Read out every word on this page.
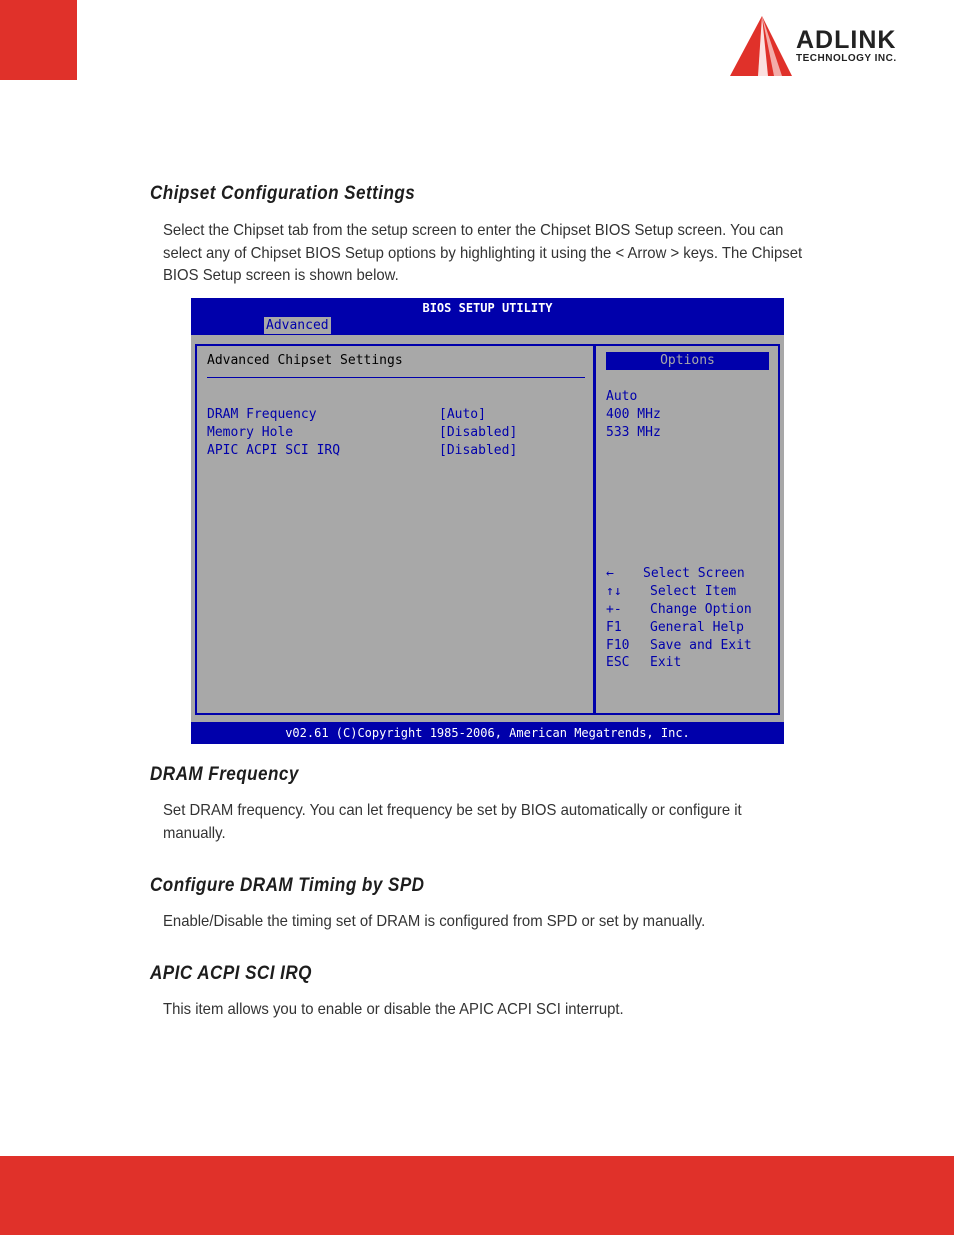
ADLINK
TECHNOLOGY INC.
Chipset Configuration Settings
Select the Chipset tab from the setup screen to enter the Chipset BIOS Setup screen. You can select any of Chipset BIOS Setup options by highlighting it using the < Arrow > keys. The Chipset BIOS Setup screen is shown below.
BIOS SETUP UTILITY
Advanced
Advanced Chipset Settings
DRAM Frequency	[Auto]
Memory Hole	[Disabled]
APIC ACPI SCI IRQ	[Disabled]
Options
Auto
400 MHz
533 MHz
← Select Screen
↑↓ Select Item
+- Change Option
F1 General Help
F10 Save and Exit
ESC Exit
v02.61 (C)Copyright 1985-2006, American Megatrends, Inc.
DRAM Frequency
Set DRAM frequency. You can let frequency be set by BIOS automatically or configure it manually.
Configure DRAM Timing by SPD
Enable/Disable the timing set of DRAM is configured from SPD or set by manually.
APIC ACPI SCI IRQ
This item allows you to enable or disable the APIC ACPI SCI interrupt.
